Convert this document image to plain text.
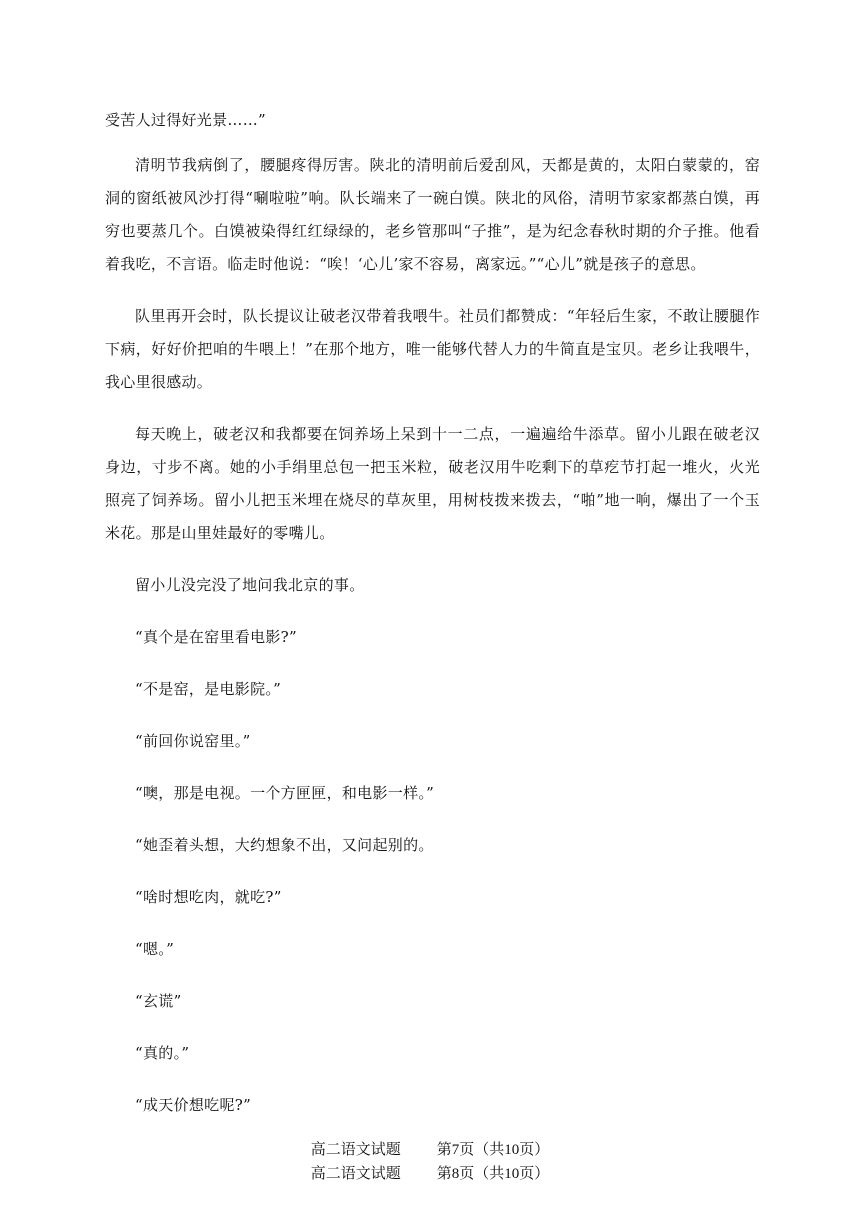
受苦人过得好光景……”

清明节我病倒了，腰腿疼得厉害。陕北的清明前后爱刮风，天都是黄的，太阳白蒙蒙的，窑洞的窗纸被风沙打得“唰啦啦”响。队长端来了一碗白馍。陕北的风俗，清明节家家都蒸白馍，再穷也要蒸几个。白馍被染得红红绿绿的，老乡管那叫“子推”，是为纪念春秋时期的介子推。他看着我吃，不言语。临走时他说：“唉！‘心儿’家不容易，离家远。”“心儿”就是孩子的意思。

队里再开会时，队长提议让破老汉带着我喂牛。社员们都赞成：“年轻后生家，不敢让腰腿作下病，好好价把咱的牛喂上！”在那个地方，唯一能够代替人力的牛简直是宝贝。老乡让我喂牛，我心里很感动。

每天晚上，破老汉和我都要在饲养场上呆到十一二点，一遍遍给牛添草。留小儿跟在破老汉身边，寸步不离。她的小手绢里总包一把玉米粒，破老汉用牛吃剩下的草疙节打起一堆火，火光照亮了饲养场。留小儿把玉米埋在烧尽的草灰里，用树枝拨来拨去，“啪”地一响，爆出了一个玉米花。那是山里娃最好的零嘴儿。

留小儿没完没了地问我北京的事。

“真个是在窑里看电影?”

“不是窑，是电影院。”

“前回你说窑里。”

“噢，那是电视。一个方匣匣，和电影一样。”

“她歪着头想，大约想象不出，又问起别的。

“啥时想吃肉，就吃?”

“嗯。”

“玄谎”

“真的。”

“成天价想吃呢?”

高二语文试题 第7页（共10页）
高二语文试题 第8页（共10页）
